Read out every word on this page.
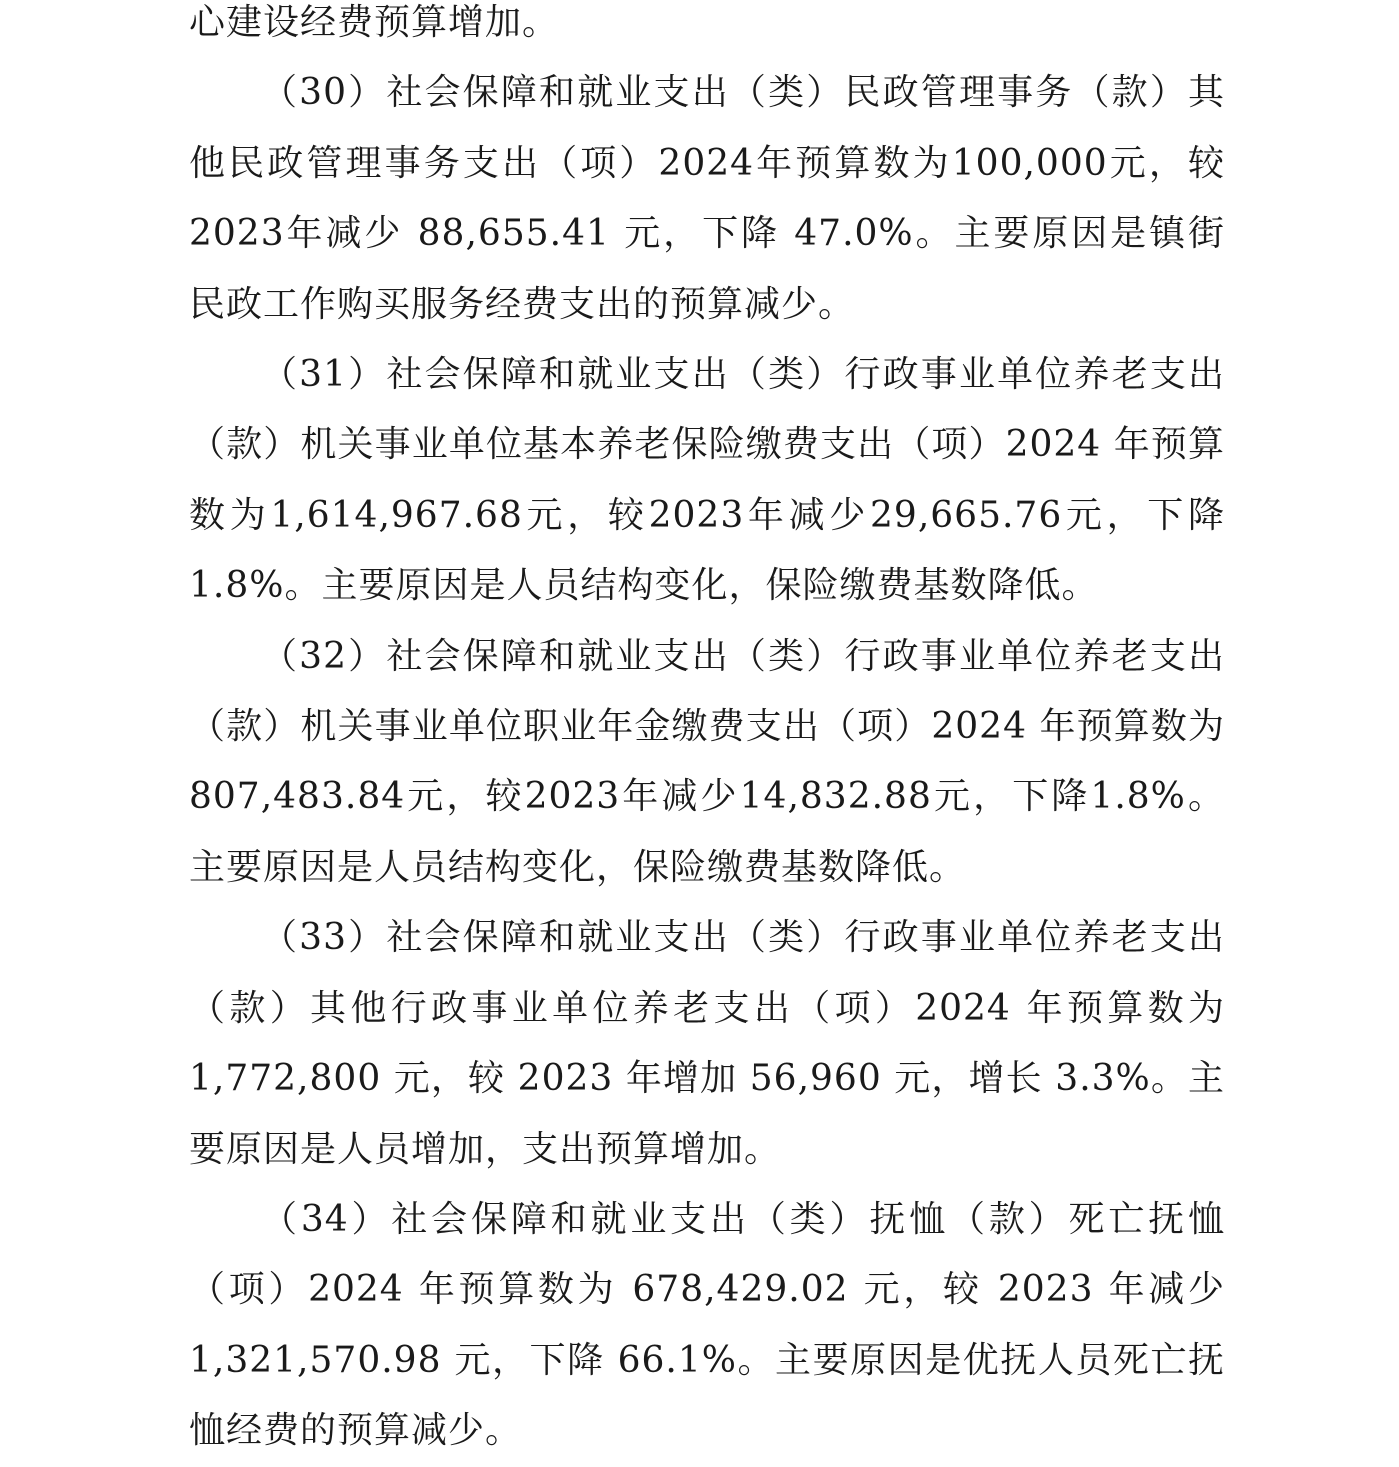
心建设经费预算增加。

（30）社会保障和就业支出（类）民政管理事务（款）其他民政管理事务支出（项）2024年预算数为100,000元，较2023年减少 88,655.41 元，下降 47.0%。主要原因是镇街民政工作购买服务经费支出的预算减少。

（31）社会保障和就业支出（类）行政事业单位养老支出（款）机关事业单位基本养老保险缴费支出（项）2024 年预算数为1,614,967.68元，较2023年减少29,665.76元，下降1.8%。主要原因是人员结构变化，保险缴费基数降低。

（32）社会保障和就业支出（类）行政事业单位养老支出（款）机关事业单位职业年金缴费支出（项）2024 年预算数为807,483.84元，较2023年减少14,832.88元，下降1.8%。主要原因是人员结构变化，保险缴费基数降低。

（33）社会保障和就业支出（类）行政事业单位养老支出（款）其他行政事业单位养老支出（项）2024 年预算数为1,772,800 元，较 2023 年增加 56,960 元，增长 3.3%。主要原因是人员增加，支出预算增加。

（34）社会保障和就业支出（类）抚恤（款）死亡抚恤（项）2024 年预算数为 678,429.02 元，较 2023 年减少1,321,570.98 元，下降 66.1%。主要原因是优抚人员死亡抚恤经费的预算减少。
